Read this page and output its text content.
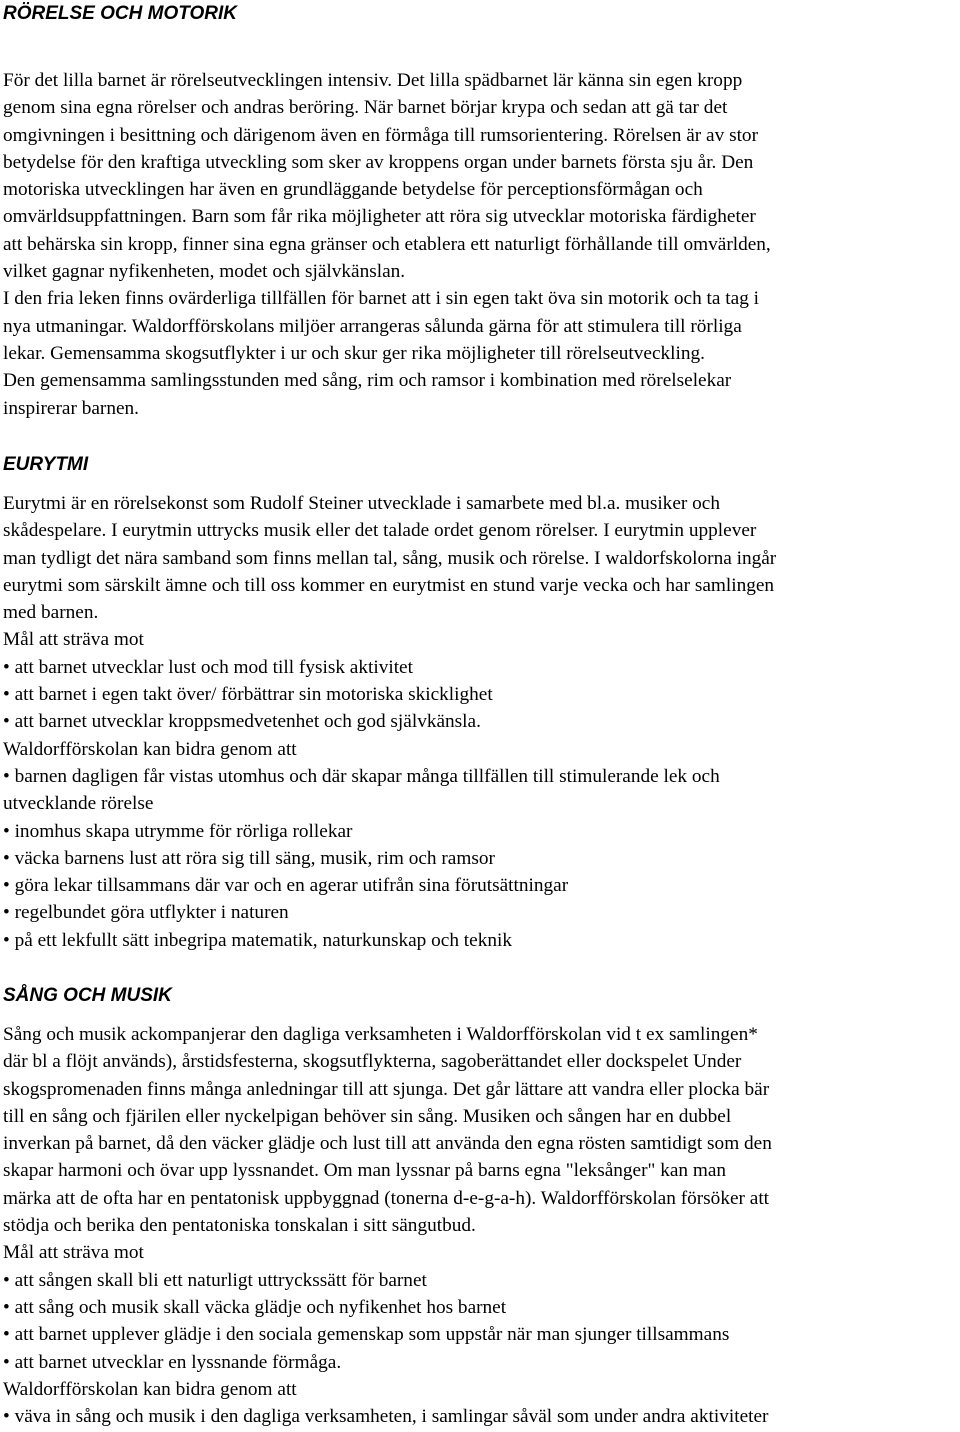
RÖRELSE OCH MOTORIK
För det lilla barnet är rörelseutvecklingen intensiv. Det lilla spädbarnet lär känna sin egen kropp
genom sina egna rörelser och andras beröring. När barnet börjar krypa och sedan att gä tar det
omgivningen i besittning och därigenom även en förmåga till rumsorientering. Rörelsen är av stor
betydelse för den kraftiga utveckling som sker av kroppens organ under barnets första sju år. Den
motoriska utvecklingen har även en grundläggande betydelse för perceptionsförmågan och
omvärldsuppfattningen. Barn som får rika möjligheter att röra sig utvecklar motoriska färdigheter
att behärska sin kropp, finner sina egna gränser och etablera ett naturligt förhållande till omvärlden,
vilket gagnar nyfikenheten, modet och självkänslan.
I den fria leken finns ovärderliga tillfällen för barnet att i sin egen takt öva sin motorik och ta tag i
nya utmaningar. Waldorfförskolans miljöer arrangeras sålunda gärna för att stimulera till rörliga
lekar. Gemensamma skogsutflykter i ur och skur ger rika möjligheter till rörelseutveckling.
Den gemensamma samlingsstunden med sång, rim och ramsor i kombination med rörelselekar
inspirerar barnen.
EURYTMI
Eurytmi är en rörelsekonst som Rudolf Steiner utvecklade i samarbete med bl.a. musiker och
skådespelare. I eurytmin uttrycks musik eller det talade ordet genom rörelser. I eurytmin upplever
man tydligt det nära samband som finns mellan tal, sång, musik och rörelse. I waldorfskolorna ingår
eurytmi som särskilt ämne och till oss kommer en eurytmist en stund varje vecka och har samlingen
med barnen.
Mål att sträva mot
• att barnet utvecklar lust och mod till fysisk aktivitet
• att barnet i egen takt över/ förbättrar sin motoriska skicklighet
• att barnet utvecklar kroppsmedvetenhet och god självkänsla.
Waldorfförskolan kan bidra genom att
• barnen dagligen får vistas utomhus och där skapar många tillfällen till stimulerande lek och
utvecklande rörelse
• inomhus skapa utrymme för rörliga rollekar
• väcka barnens lust att röra sig till säng, musik, rim och ramsor
• göra lekar tillsammans där var och en agerar utifrån sina förutsättningar
• regelbundet göra utflykter i naturen
• på ett lekfullt sätt inbegripa matematik, naturkunskap och teknik
SÅNG OCH MUSIK
Sång och musik ackompanjerar den dagliga verksamheten i Waldorfförskolan vid t ex samlingen*
där bl a flöjt används), årstidsfesterna, skogsutflykterna, sagoberättandet eller dockspelet Under
skogspromenaden finns många anledningar till att sjunga. Det går lättare att vandra eller plocka bär
till en sång och fjärilen eller nyckelpigan behöver sin sång. Musiken och sången har en dubbel
inverkan på barnet, då den väcker glädje och lust till att använda den egna rösten samtidigt som den
skapar harmoni och övar upp lyssnandet. Om man lyssnar på barns egna "leksånger" kan man
märka att de ofta har en pentatonisk uppbyggnad (tonerna d-e-g-a-h). Waldorfförskolan försöker att
stödja och berika den pentatoniska tonskalan i sitt sängutbud.
Mål att sträva mot
• att sången skall bli ett naturligt uttryckssätt för barnet
• att sång och musik skall väcka glädje och nyfikenhet hos barnet
• att barnet upplever glädje i den sociala gemenskap som uppstår när man sjunger tillsammans
• att barnet utvecklar en lyssnande förmåga.
Waldorfförskolan kan bidra genom att
• väva in sång och musik i den dagliga verksamheten, i samlingar såväl som under andra aktiviteter
